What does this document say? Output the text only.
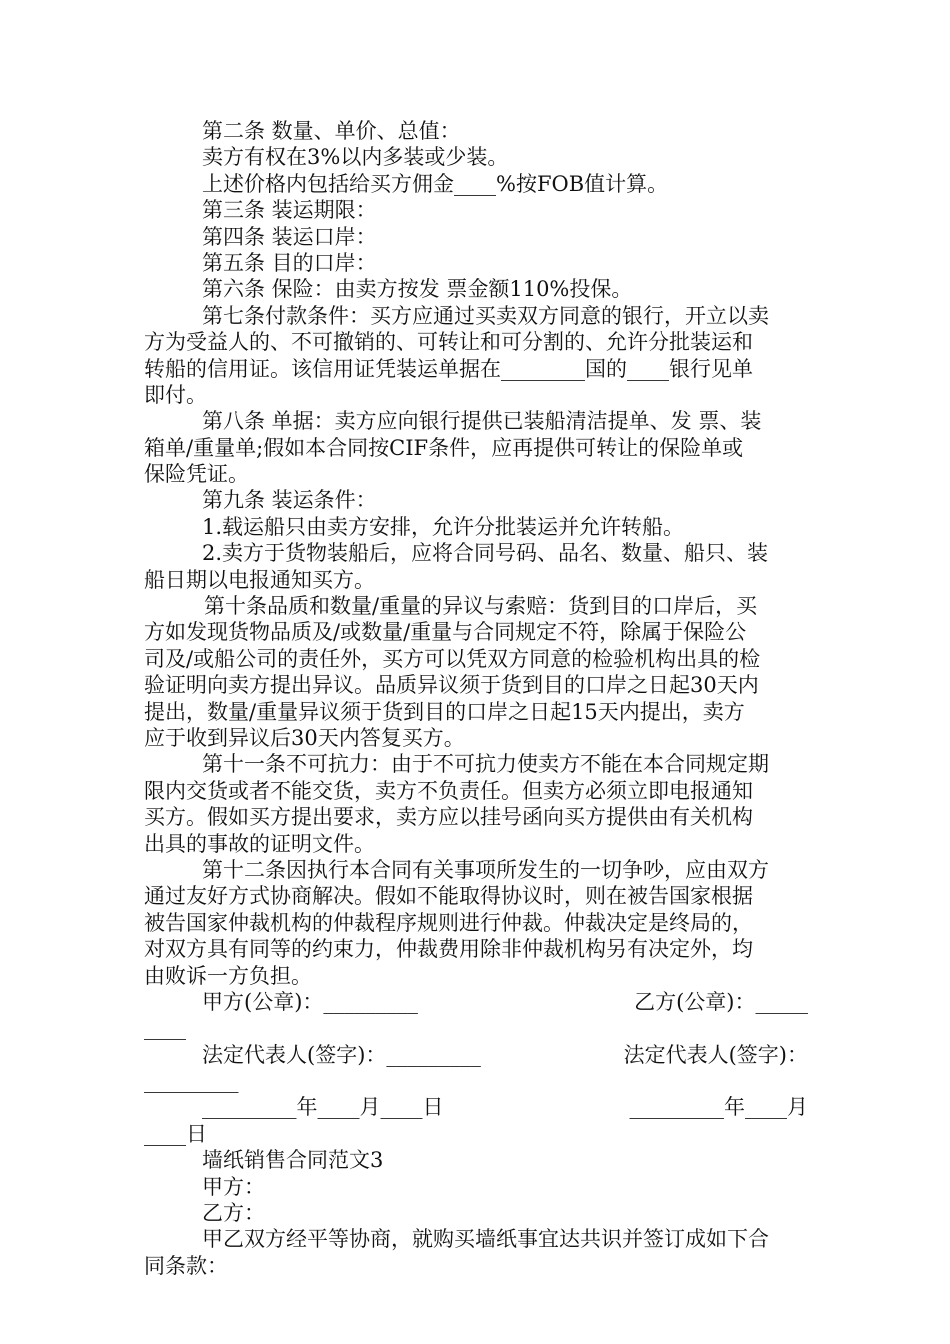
第二条 数量、单价、总值：
卖方有权在3%以内多装或少装。
上述价格内包括给买方佣金____%按FOB值计算。
第三条 装运期限：
第四条 装运口岸：
第五条 目的口岸：
第六条 保险：由卖方按发 票金额110%投保。
第七条付款条件：买方应通过买卖双方同意的银行，开立以卖
方为受益人的、不可撤销的、可转让和可分割的、允许分批装运和
转船的信用证。该信用证凭装运单据在________国的____银行见单
即付。
第八条 单据：卖方应向银行提供已装船清洁提单、发 票、装
箱单/重量单;假如本合同按CIF条件，应再提供可转让的保险单或
保险凭证。
第九条 装运条件：
1.载运船只由卖方安排，允许分批装运并允许转船。
2.卖方于货物装船后，应将合同号码、品名、数量、船只、装
船日期以电报通知买方。
第十条品质和数量/重量的异议与索赔：货到目的口岸后，买
方如发现货物品质及/或数量/重量与合同规定不符，除属于保险公
司及/或船公司的责任外，买方可以凭双方同意的检验机构出具的检
验证明向卖方提出异议。品质异议须于货到目的口岸之日起30天内
提出，数量/重量异议须于货到目的口岸之日起15天内提出，卖方
应于收到异议后30天内答复买方。
第十一条不可抗力：由于不可抗力使卖方不能在本合同规定期
限内交货或者不能交货，卖方不负责任。但卖方必须立即电报通知
买方。假如买方提出要求，卖方应以挂号函向买方提供由有关机构
出具的事故的证明文件。
第十二条因执行本合同有关事项所发生的一切争吵，应由双方
通过友好方式协商解决。假如不能取得协议时，则在被告国家根据
被告国家仲裁机构的仲裁程序规则进行仲裁。仲裁决定是终局的，
对双方具有同等的约束力，仲裁费用除非仲裁机构另有决定外，均
由败诉一方负担。
甲方(公章)：_________	乙方(公章)：_____
____
法定代表人(签字)：_________	法定代表人(签字)：
_________
_________年____月____日	_________年____月
____日
墙纸销售合同范文3
甲方：
乙方：
甲乙双方经平等协商，就购买墙纸事宜达共识并签订成如下合
同条款：
